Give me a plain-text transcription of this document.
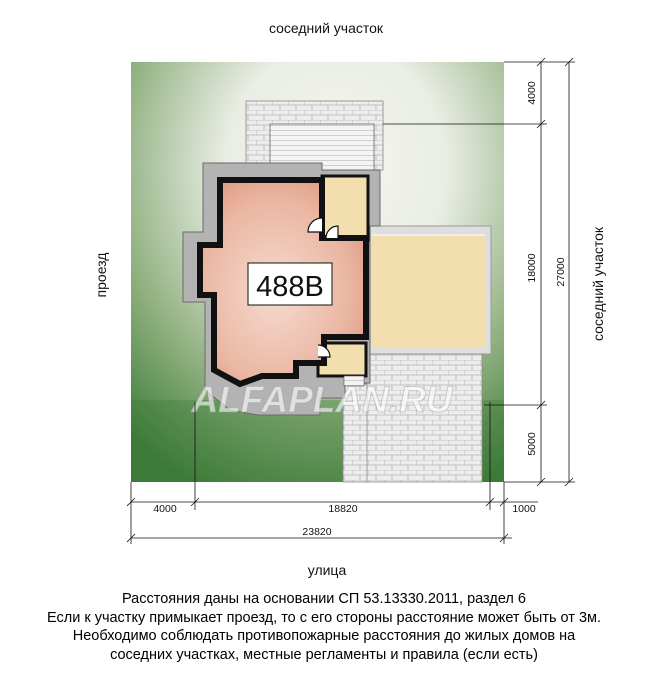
488B
ALFAPLAN.RU
соседний участок
проезд	соседний участок
улица
4000	18820	1000
23820
4000
18000
5000
27000
Расстояния даны на основании СП 53.13330.2011, раздел 6
Если к участку примыкает проезд, то с его стороны расстояние может быть от 3м.
Необходимо соблюдать противопожарные расстояния до жилых домов на
соседних участках, местные регламенты и правила (если есть)
